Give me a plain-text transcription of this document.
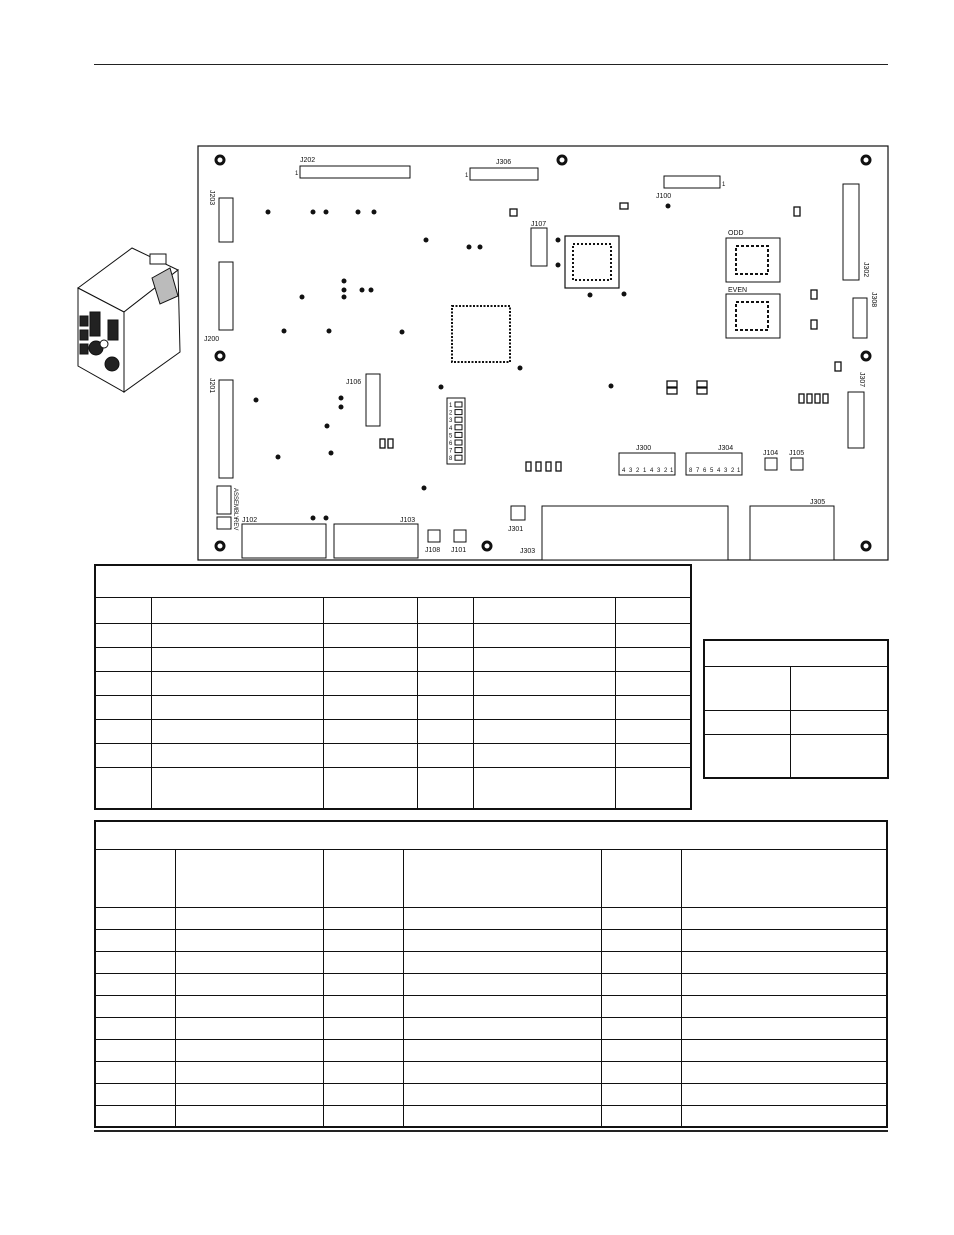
J202
1
J306
1
J100
1
J203
J200
J201
J302
J308
J307
J107
J106
ODD
EVEN
J300
4 3 2 1 4 3 2 1
J304
8 7 6 5 4 3 2 1
J104 J105
J102	J103
J108 J101
J301
J303
J305
ASSEMBLY
REV
1
2
3
4
5
6
7
8
